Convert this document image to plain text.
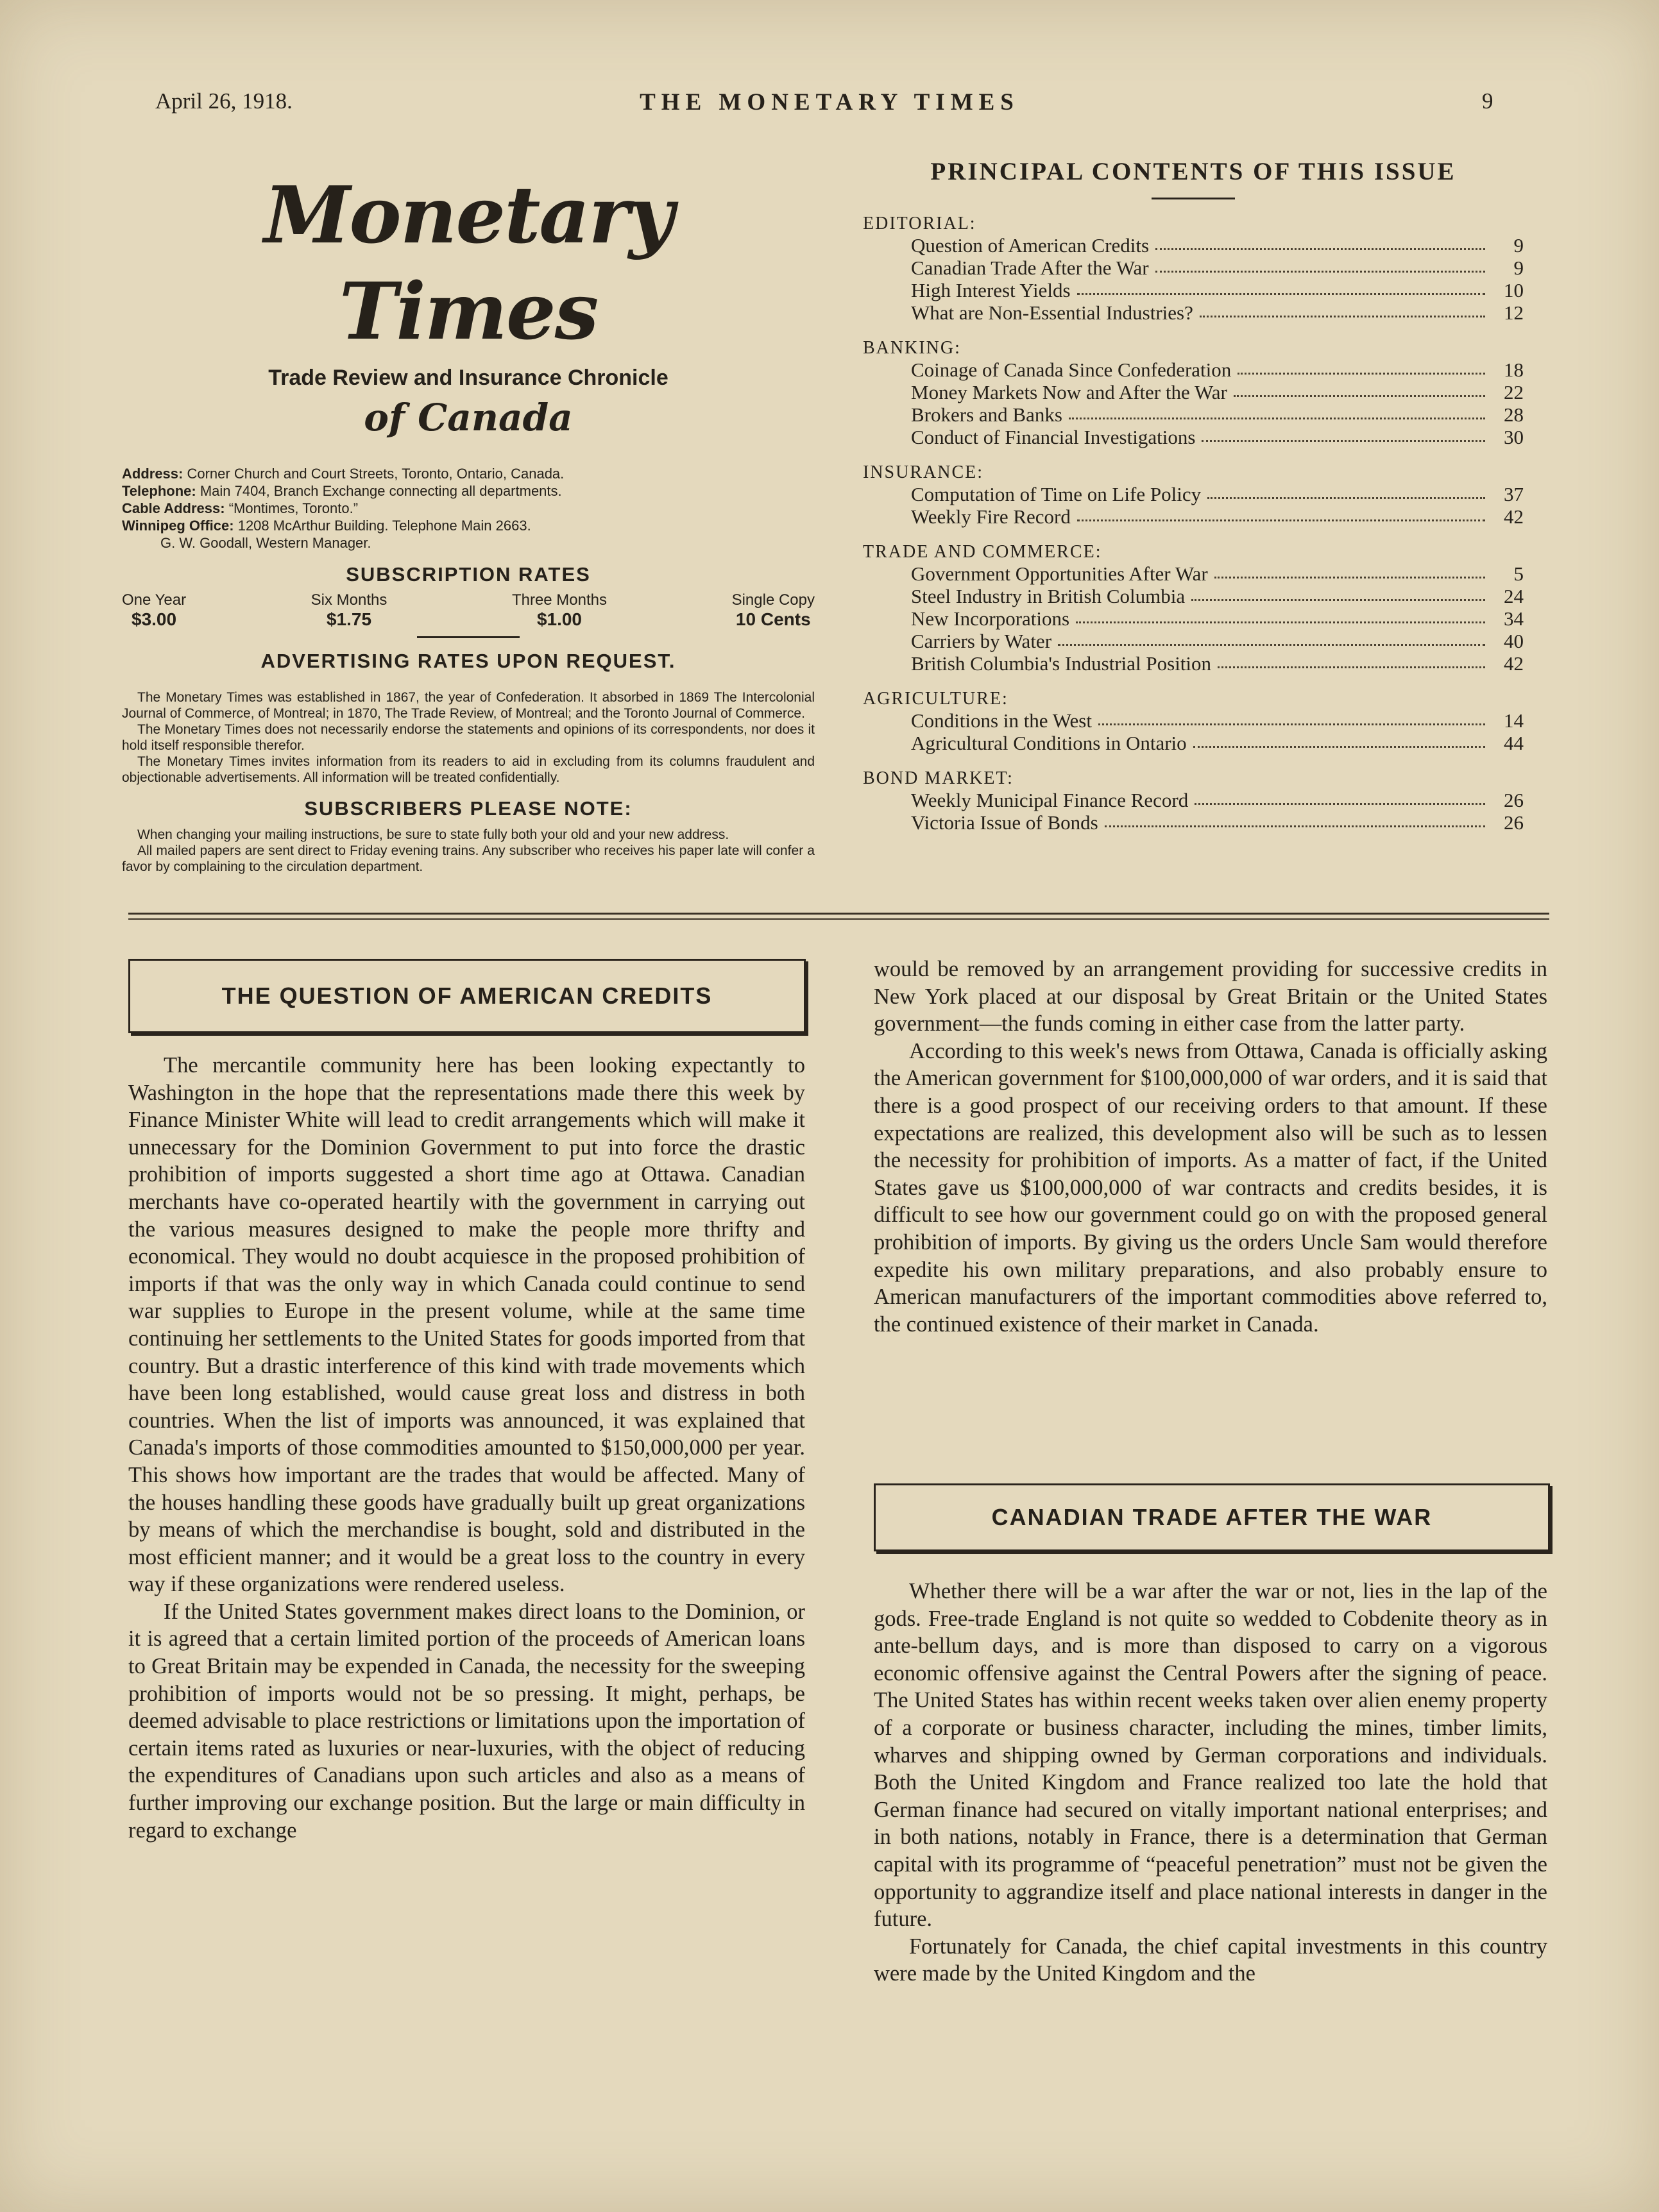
April 26, 1918.	THE MONETARY TIMES	9
Monetary Times
Trade Review and Insurance Chronicle
of Canada
Address: Corner Church and Court Streets, Toronto, Ontario, Canada.
Telephone: Main 7404, Branch Exchange connecting all departments.
Cable Address: “Montimes, Toronto.”
Winnipeg Office: 1208 McArthur Building. Telephone Main 2663.
G. W. Goodall, Western Manager.
SUBSCRIPTION RATES
One Year
$3.00
Six Months
$1.75
Three Months
$1.00
Single Copy
10 Cents
ADVERTISING RATES UPON REQUEST.

The Monetary Times was established in 1867, the year of Confederation. It absorbed in 1869 The Intercolonial Journal of Commerce, of Montreal; in 1870, The Trade Review, of Montreal; and the Toronto Journal of Commerce.

The Monetary Times does not necessarily endorse the statements and opinions of its correspondents, nor does it hold itself responsible therefor.

The Monetary Times invites information from its readers to aid in excluding from its columns fraudulent and objectionable advertisements. All information will be treated confidentially.

SUBSCRIBERS PLEASE NOTE:

When changing your mailing instructions, be sure to state fully both your old and your new address.

All mailed papers are sent direct to Friday evening trains. Any subscriber who receives his paper late will confer a favor by complaining to the circulation department.

PRINCIPAL CONTENTS OF THIS ISSUE
EDITORIAL:
Question of American Credits	9
Canadian Trade After the War	9
High Interest Yields	10
What are Non-Essential Industries?	12
BANKING:
Coinage of Canada Since Confederation	18
Money Markets Now and After the War	22
Brokers and Banks	28
Conduct of Financial Investigations	30
INSURANCE:
Computation of Time on Life Policy	37
Weekly Fire Record	42
TRADE AND COMMERCE:
Government Opportunities After War	5
Steel Industry in British Columbia	24
New Incorporations	34
Carriers by Water	40
British Columbia's Industrial Position	42
AGRICULTURE:
Conditions in the West	14
Agricultural Conditions in Ontario	44
BOND MARKET:
Weekly Municipal Finance Record	26
Victoria Issue of Bonds	26
THE QUESTION OF AMERICAN CREDITS

The mercantile community here has been looking expectantly to Washington in the hope that the representations made there this week by Finance Minister White will lead to credit arrangements which will make it unnecessary for the Dominion Government to put into force the drastic prohibition of imports suggested a short time ago at Ottawa. Canadian merchants have co-operated heartily with the government in carrying out the various measures designed to make the people more thrifty and economical. They would no doubt acquiesce in the proposed prohibition of imports if that was the only way in which Canada could continue to send war supplies to Europe in the present volume, while at the same time continuing her settlements to the United States for goods imported from that country. But a drastic interference of this kind with trade movements which have been long established, would cause great loss and distress in both countries. When the list of imports was announced, it was explained that Canada's imports of those commodities amounted to $150,000,000 per year. This shows how important are the trades that would be affected. Many of the houses handling these goods have gradually built up great organizations by means of which the merchandise is bought, sold and distributed in the most efficient manner; and it would be a great loss to the country in every way if these organizations were rendered useless.

If the United States government makes direct loans to the Dominion, or it is agreed that a certain limited portion of the proceeds of American loans to Great Britain may be expended in Canada, the necessity for the sweeping prohibition of imports would not be so pressing. It might, perhaps, be deemed advisable to place restrictions or limitations upon the importation of certain items rated as luxuries or near-luxuries, with the object of reducing the expenditures of Canadians upon such articles and also as a means of further improving our exchange position. But the large or main difficulty in regard to exchange

would be removed by an arrangement providing for successive credits in New York placed at our disposal by Great Britain or the United States government—the funds coming in either case from the latter party.

According to this week's news from Ottawa, Canada is officially asking the American government for $100,000,000 of war orders, and it is said that there is a good prospect of our receiving orders to that amount. If these expectations are realized, this development also will be such as to lessen the necessity for prohibition of imports. As a matter of fact, if the United States gave us $100,000,000 of war contracts and credits besides, it is difficult to see how our government could go on with the proposed general prohibition of imports. By giving us the orders Uncle Sam would therefore expedite his own military preparations, and also probably ensure to American manufacturers of the important commodities above referred to, the continued existence of their market in Canada.

CANADIAN TRADE AFTER THE WAR

Whether there will be a war after the war or not, lies in the lap of the gods. Free-trade England is not quite so wedded to Cobdenite theory as in ante-bellum days, and is more than disposed to carry on a vigorous economic offensive against the Central Powers after the signing of peace. The United States has within recent weeks taken over alien enemy property of a corporate or business character, including the mines, timber limits, wharves and shipping owned by German corporations and individuals. Both the United Kingdom and France realized too late the hold that German finance had secured on vitally important national enterprises; and in both nations, notably in France, there is a determination that German capital with its programme of “peaceful penetration” must not be given the opportunity to aggrandize itself and place national interests in danger in the future.

Fortunately for Canada, the chief capital investments in this country were made by the United Kingdom and the
